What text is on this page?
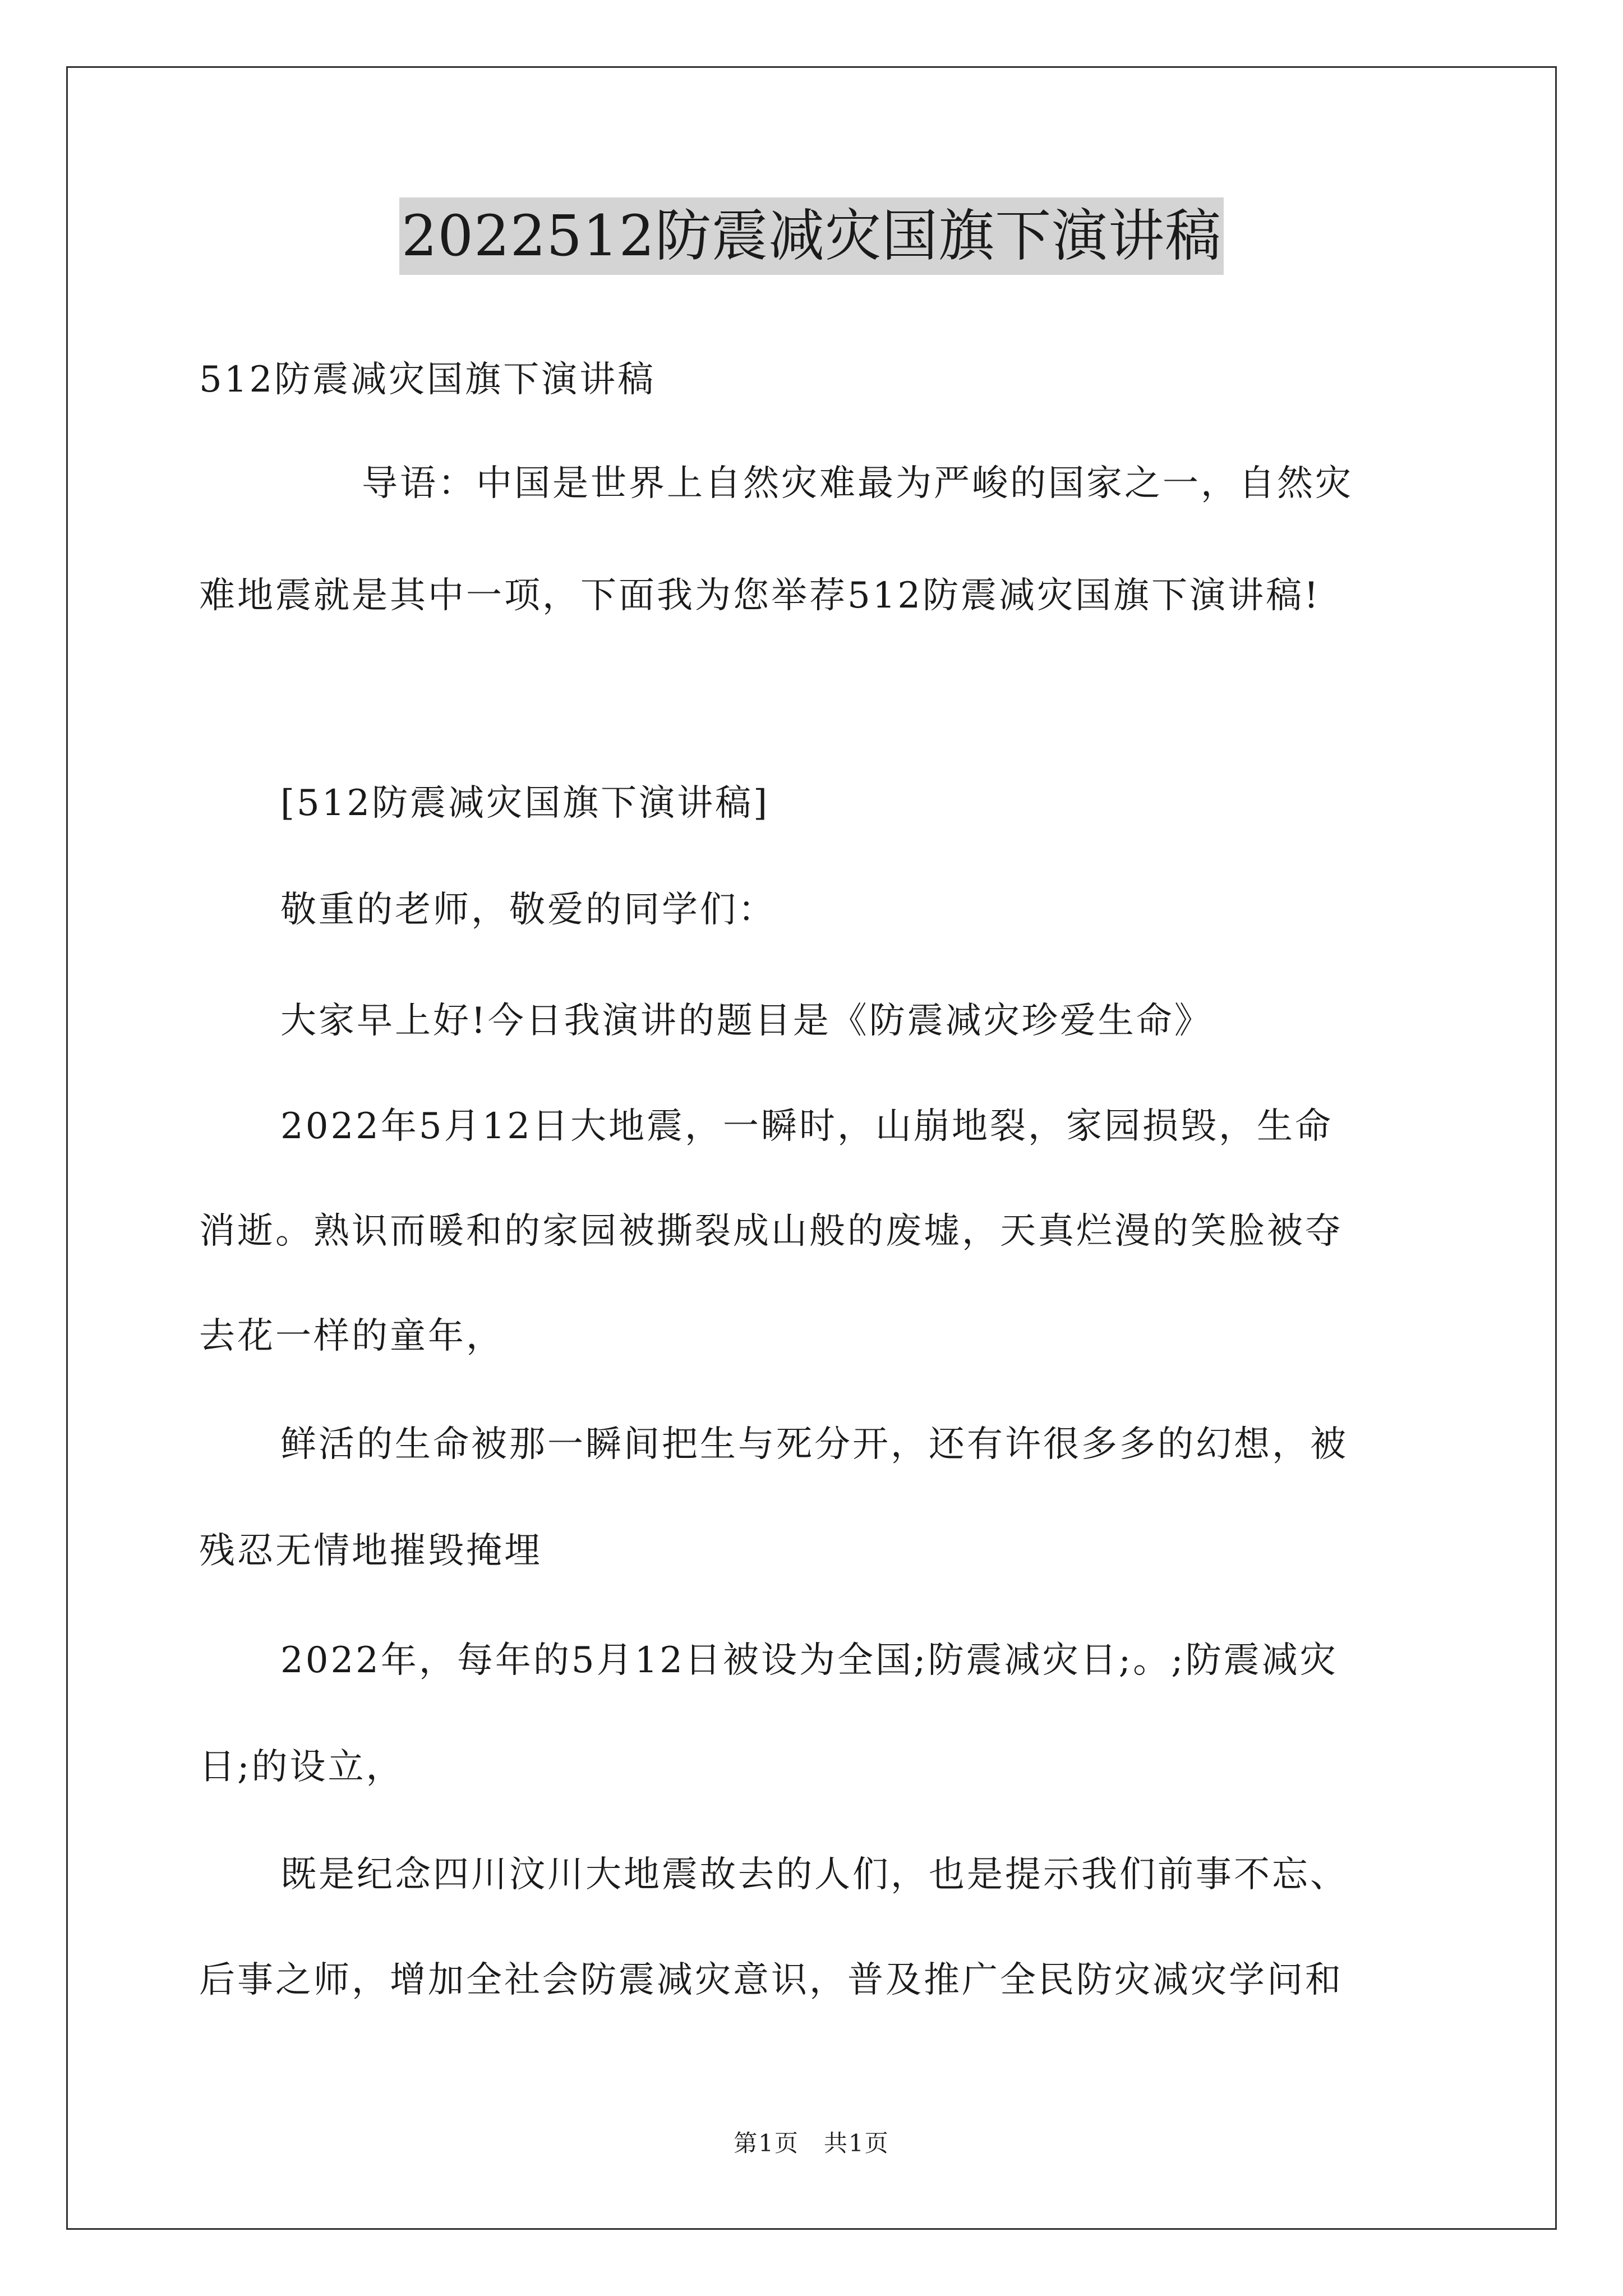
2022512防震减灾国旗下演讲稿
512防震减灾国旗下演讲稿
导语：中国是世界上自然灾难最为严峻的国家之一，自然灾
难地震就是其中一项，下面我为您举荐512防震减灾国旗下演讲稿!
[512防震减灾国旗下演讲稿]
敬重的老师，敬爱的同学们：
大家早上好!今日我演讲的题目是《防震减灾珍爱生命》
2022年5月12日大地震，一瞬时，山崩地裂，家园损毁，生命
消逝。熟识而暖和的家园被撕裂成山般的废墟，天真烂漫的笑脸被夺
去花一样的童年，
鲜活的生命被那一瞬间把生与死分开，还有许很多多的幻想，被
残忍无情地摧毁掩埋
2022年，每年的5月12日被设为全国;防震减灾日;。;防震减灾
日;的设立，
既是纪念四川汶川大地震故去的人们，也是提示我们前事不忘、
后事之师，增加全社会防震减灾意识，普及推广全民防灾减灾学问和
第1页　共1页
